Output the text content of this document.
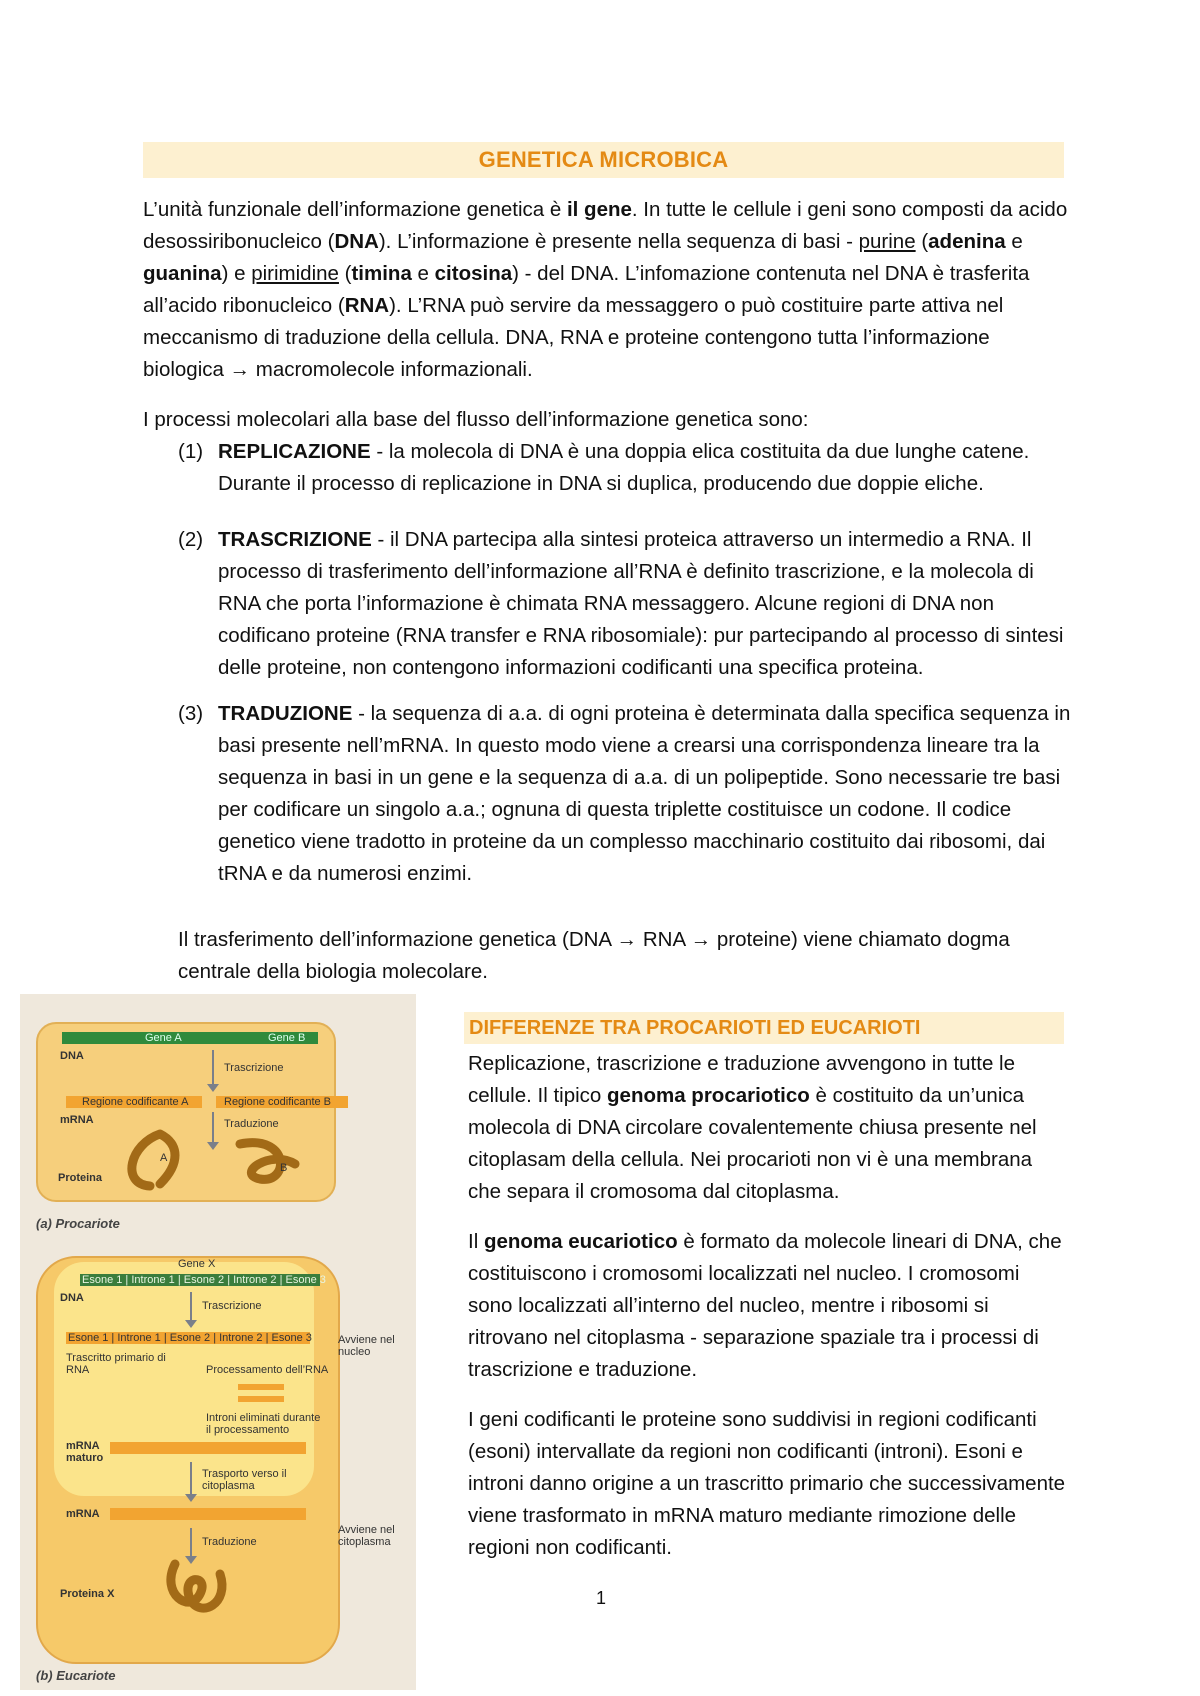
GENETICA MICROBICA

L’unità funzionale dell’informazione genetica è il gene. In tutte le cellule i geni sono composti da acido desossiribonucleico (DNA). L’informazione è presente nella sequenza di basi - purine (adenina e guanina) e pirimidine (timina e citosina) - del DNA. L’infomazione contenuta nel DNA è trasferita all’acido ribonucleico (RNA). L’RNA può servire da messaggero o può costituire parte attiva nel meccanismo di traduzione della cellula. DNA, RNA e proteine contengono tutta l’informazione biologica → macromolecole informazionali.

I processi molecolari alla base del flusso dell’informazione genetica sono:

(1) REPLICAZIONE - la molecola di DNA è una doppia elica costituita da due lunghe catene. Durante il processo di replicazione in DNA si duplica, producendo due doppie eliche.
(2) TRASCRIZIONE - il DNA partecipa alla sintesi proteica attraverso un intermedio a RNA. Il processo di trasferimento dell’informazione all’RNA è definito trascrizione, e la molecola di RNA che porta l’informazione è chimata RNA messaggero. Alcune regioni di DNA non codificano proteine (RNA transfer e RNA ribosomiale): pur partecipando al processo di sintesi delle proteine, non contengono informazioni codificanti una specifica proteina.
(3) TRADUZIONE - la sequenza di a.a. di ogni proteina è determinata dalla specifica sequenza in basi presente nell’mRNA. In questo modo viene a crearsi una corrispondenza lineare tra la sequenza in basi in un gene e la sequenza di a.a. di un polipeptide. Sono necessarie tre basi per codificare un singolo a.a.; ognuna di questa triplette costituisce un codone. Il codice genetico viene tradotto in proteine da un complesso macchinario costituito dai ribosomi, dai tRNA e da numerosi enzimi.

Il trasferimento dell’informazione genetica (DNA → RNA → proteine) viene chiamato dogma centrale della biologia molecolare.

Gene A	Gene B
DNA
Trascrizione
Regione codificante A	Regione codificante B
mRNA	Traduzione
A
B
Proteina
(a) Procariote
Gene X
Esone 1 | Introne 1 | Esone 2 | Introne 2 | Esone 3
DNA
Trascrizione
Esone 1 | Introne 1 | Esone 2 | Introne 2 | Esone 3
Trascritto primario di RNA	Processamento dell’RNA
Avviene nel nucleo
Introni eliminati durante il processamento
mRNA maturo
Trasporto verso il citoplasma
mRNA
Traduzione
Avviene nel citoplasma
Proteina X
(b) Eucariote
DIFFERENZE TRA PROCARIOTI ED EUCARIOTI

Replicazione, trascrizione e traduzione avvengono in tutte le cellule. Il tipico genoma procariotico è costituito da un’unica molecola di DNA circolare covalentemente chiusa presente nel citoplasam della cellula. Nei procarioti non vi è una membrana che separa il cromosoma dal citoplasma.

Il genoma eucariotico è formato da molecole lineari di DNA, che costituiscono i cromosomi localizzati nel nucleo. I cromosomi sono localizzati all’interno del nucleo, mentre i ribosomi si ritrovano nel citoplasma - separazione spaziale tra i processi di trascrizione e traduzione.

I geni codificanti le proteine sono suddivisi in regioni codificanti (esoni) intervallate da regioni non codificanti (introni). Esoni e introni danno origine a un trascritto primario che successivamente viene trasformato in mRNA maturo mediante rimozione delle regioni non codificanti.

1
